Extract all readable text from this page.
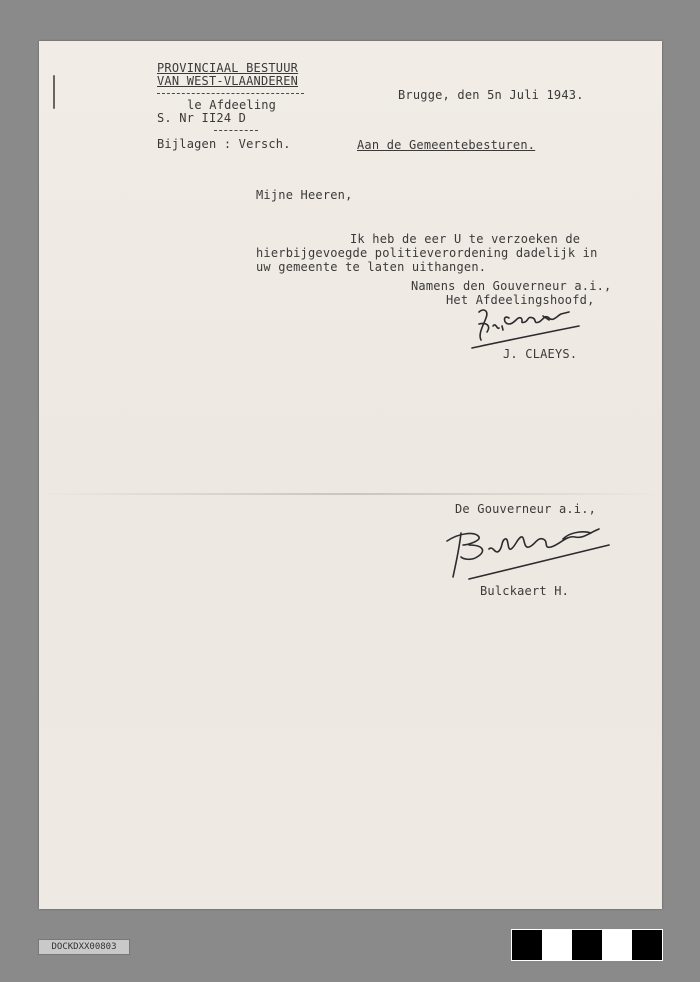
PROVINCIAAL BESTUUR
VAN WEST-VLAANDEREN
le Afdeeling
S. Nr II24 D
Bijlagen : Versch.
Brugge, den 5n Juli 1943.
Aan de Gemeentebesturen.
Mijne Heeren,
Ik heb de eer U te verzoeken de
hierbijgevoegde politieverordening dadelijk in
uw gemeente te laten uithangen.
Namens den Gouverneur a.i.,
Het Afdeelingshoofd,
J. CLAEYS.
De Gouverneur a.i.,
Bulckaert H.
DOCKDXX00803
